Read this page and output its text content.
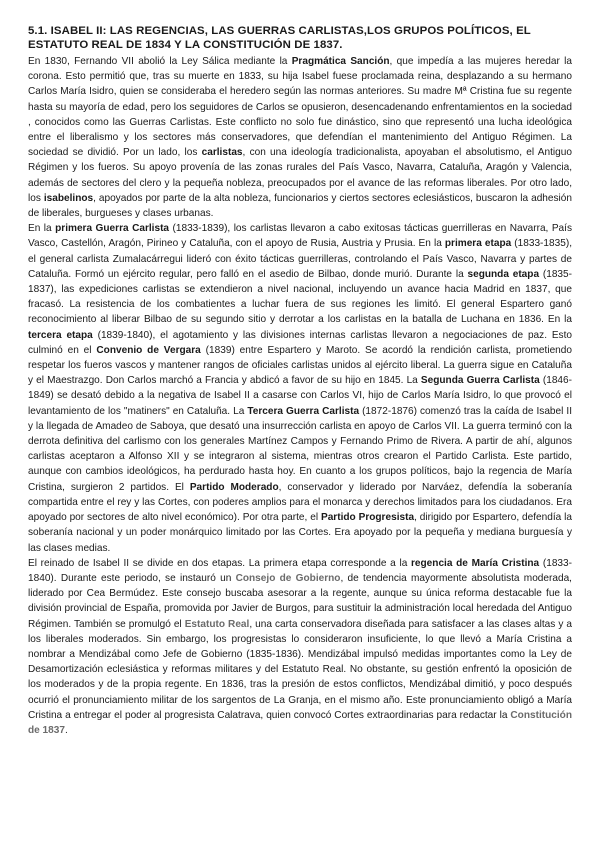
5.1. ISABEL II: LAS REGENCIAS, LAS GUERRAS CARLISTAS,LOS GRUPOS POLÍTICOS, EL ESTATUTO REAL DE 1834 Y LA CONSTITUCIÓN DE 1837.

En 1830, Fernando VII abolió la Ley Sálica mediante la Pragmática Sanción, que impedía a las mujeres heredar la corona. Esto permitió que, tras su muerte en 1833, su hija Isabel fuese proclamada reina, desplazando a su hermano Carlos María Isidro, quien se consideraba el heredero según las normas anteriores. Su madre Mª Cristina fue su regente hasta su mayoría de edad, pero los seguidores de Carlos se opusieron, desencadenando enfrentamientos en la sociedad , conocidos como las Guerras Carlistas. Este conflicto no solo fue dinástico, sino que representó una lucha ideológica entre el liberalismo y los sectores más conservadores, que defendían el mantenimiento del Antiguo Régimen. La sociedad se dividió. Por un lado, los carlistas, con una ideología tradicionalista, apoyaban el absolutismo, el Antiguo Régimen y los fueros. Su apoyo provenía de las zonas rurales del País Vasco, Navarra, Cataluña, Aragón y Valencia, además de sectores del clero y la pequeña nobleza, preocupados por el avance de las reformas liberales. Por otro lado, los isabelinos, apoyados por parte de la alta nobleza, funcionarios y ciertos sectores eclesiásticos, buscaron la adhesión de liberales, burgueses y clases urbanas.

En la primera Guerra Carlista (1833-1839), los carlistas llevaron a cabo exitosas tácticas guerrilleras en Navarra, País Vasco, Castellón, Aragón, Pirineo y Cataluña, con el apoyo de Rusia, Austria y Prusia. En la primera etapa (1833-1835), el general carlista Zumalacárregui lideró con éxito tácticas guerrilleras, controlando el País Vasco, Navarra y partes de Cataluña. Formó un ejército regular, pero falló en el asedio de Bilbao, donde murió. Durante la segunda etapa (1835-1837), las expediciones carlistas se extendieron a nivel nacional, incluyendo un avance hacia Madrid en 1837, que fracasó. La resistencia de los combatientes a luchar fuera de sus regiones les limitó. El general Espartero ganó reconocimiento al liberar Bilbao de su segundo sitio y derrotar a los carlistas en la batalla de Luchana en 1836. En la tercera etapa (1839-1840), el agotamiento y las divisiones internas carlistas llevaron a negociaciones de paz. Esto culminó en el Convenio de Vergara (1839) entre Espartero y Maroto. Se acordó la rendición carlista, prometiendo respetar los fueros vascos y mantener rangos de oficiales carlistas unidos al ejército liberal. La guerra sigue en Cataluña y el Maestrazgo. Don Carlos marchó a Francia y abdicó a favor de su hijo en 1845. La Segunda Guerra Carlista (1846-1849) se desató debido a la negativa de Isabel II a casarse con Carlos VI, hijo de Carlos María Isidro, lo que provocó el levantamiento de los "matiners" en Cataluña. La Tercera Guerra Carlista (1872-1876) comenzó tras la caída de Isabel II y la llegada de Amadeo de Saboya, que desató una insurrección carlista en apoyo de Carlos VII. La guerra terminó con la derrota definitiva del carlismo con los generales Martínez Campos y Fernando Primo de Rivera. A partir de ahí, algunos carlistas aceptaron a Alfonso XII y se integraron al sistema, mientras otros crearon el Partido Carlista. Este partido, aunque con cambios ideológicos, ha perdurado hasta hoy. En cuanto a los grupos políticos, bajo la regencia de María Cristina, surgieron 2 partidos. El Partido Moderado, conservador y liderado por Narváez, defendía la soberanía compartida entre el rey y las Cortes, con poderes amplios para el monarca y derechos limitados para los ciudadanos. Era apoyado por sectores de alto nivel económico). Por otra parte, el Partido Progresista, dirigido por Espartero, defendía la soberanía nacional y un poder monárquico limitado por las Cortes. Era apoyado por la pequeña y mediana burguesía y las clases medias.

El reinado de Isabel II se divide en dos etapas. La primera etapa corresponde a la regencia de María Cristina (1833-1840). Durante este periodo, se instauró un Consejo de Gobierno, de tendencia mayormente absolutista moderada, liderado por Cea Bermúdez. Este consejo buscaba asesorar a la regente, aunque su única reforma destacable fue la división provincial de España, promovida por Javier de Burgos, para sustituir la administración local heredada del Antiguo Régimen. También se promulgó el Estatuto Real, una carta conservadora diseñada para satisfacer a las clases altas y a los liberales moderados. Sin embargo, los progresistas lo consideraron insuficiente, lo que llevó a María Cristina a nombrar a Mendizábal como Jefe de Gobierno (1835-1836). Mendizábal impulsó medidas importantes como la Ley de Desamortización eclesiástica y reformas militares y del Estatuto Real. No obstante, su gestión enfrentó la oposición de los moderados y de la propia regente. En 1836, tras la presión de estos conflictos, Mendizábal dimitió, y poco después ocurrió el pronunciamiento militar de los sargentos de La Granja, en el mismo año. Este pronunciamiento obligó a María Cristina a entregar el poder al progresista Calatrava, quien convocó Cortes extraordinarias para redactar la Constitución de 1837.
